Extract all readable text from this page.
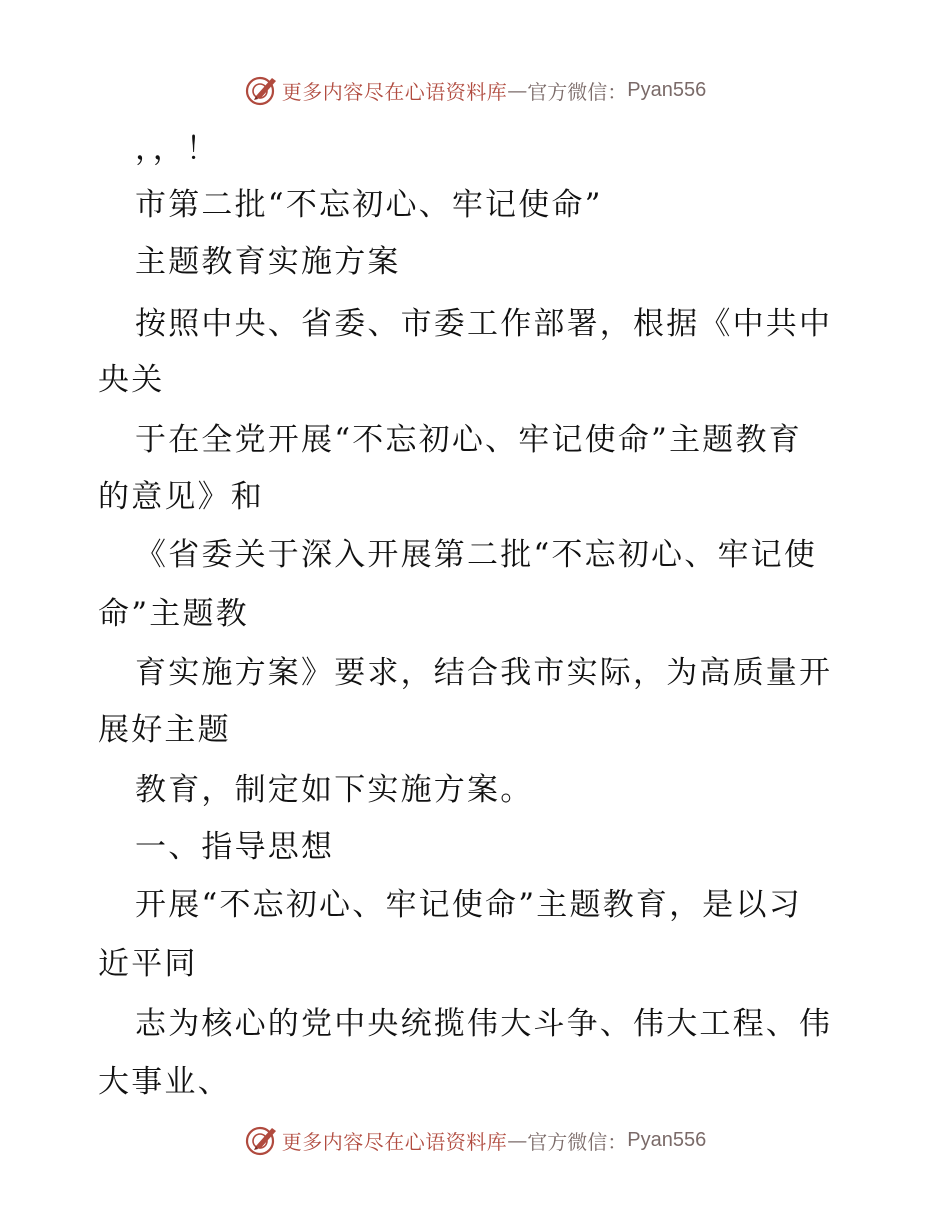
更多内容尽在心语资料库 — 官方微信： Pyan556
，，！
市第二批“不忘初心、牢记使命”
主题教育实施方案
按照中央、省委、市委工作部署，根据《中共中
央关
于在全党开展“不忘初心、牢记使命”主题教育
的意见》和
《省委关于深入开展第二批“不忘初心、牢记使
命”主题教
育实施方案》要求，结合我市实际，为高质量开
展好主题
教育，制定如下实施方案。
一、指导思想
开展“不忘初心、牢记使命”主题教育，是以习
近平同
志为核心的党中央统揽伟大斗争、伟大工程、伟
大事业、
更多内容尽在心语资料库 — 官方微信： Pyan556
